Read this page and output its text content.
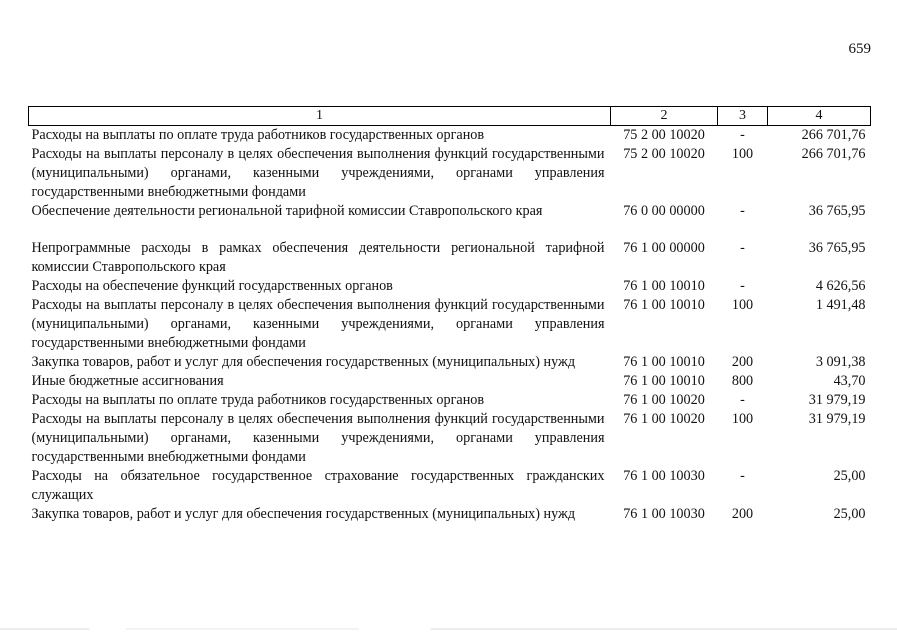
659
1	2	3	4
Расходы на выплаты по оплате труда работников государственных органов	75 2 00 10020	-	266 701,76
Расходы на выплаты персоналу в целях обеспечения выполнения функций государственными (муниципальными) органами, казенными учреждениями, органами управления государственными внебюджетными фондами	75 2 00 10020	100	266 701,76
Обеспечение деятельности региональной тарифной комиссии Ставропольского края	76 0 00 00000	-	36 765,95
Непрограммные расходы в рамках обеспечения деятельности региональной тарифной комиссии Ставропольского края	76 1 00 00000	-	36 765,95
Расходы на обеспечение функций государственных органов	76 1 00 10010	-	4 626,56
Расходы на выплаты персоналу в целях обеспечения выполнения функций государственными (муниципальными) органами, казенными учреждениями, органами управления государственными внебюджетными фондами	76 1 00 10010	100	1 491,48
Закупка товаров, работ и услуг для обеспечения государственных (муниципальных) нужд	76 1 00 10010	200	3 091,38
Иные бюджетные ассигнования	76 1 00 10010	800	43,70
Расходы на выплаты по оплате труда работников государственных органов	76 1 00 10020	-	31 979,19
Расходы на выплаты персоналу в целях обеспечения выполнения функций государственными (муниципальными) органами, казенными учреждениями, органами управления государственными внебюджетными фондами	76 1 00 10020	100	31 979,19
Расходы на обязательное государственное страхование государственных гражданских служащих	76 1 00 10030	-	25,00
Закупка товаров, работ и услуг для обеспечения государственных (муниципальных) нужд	76 1 00 10030	200	25,00
